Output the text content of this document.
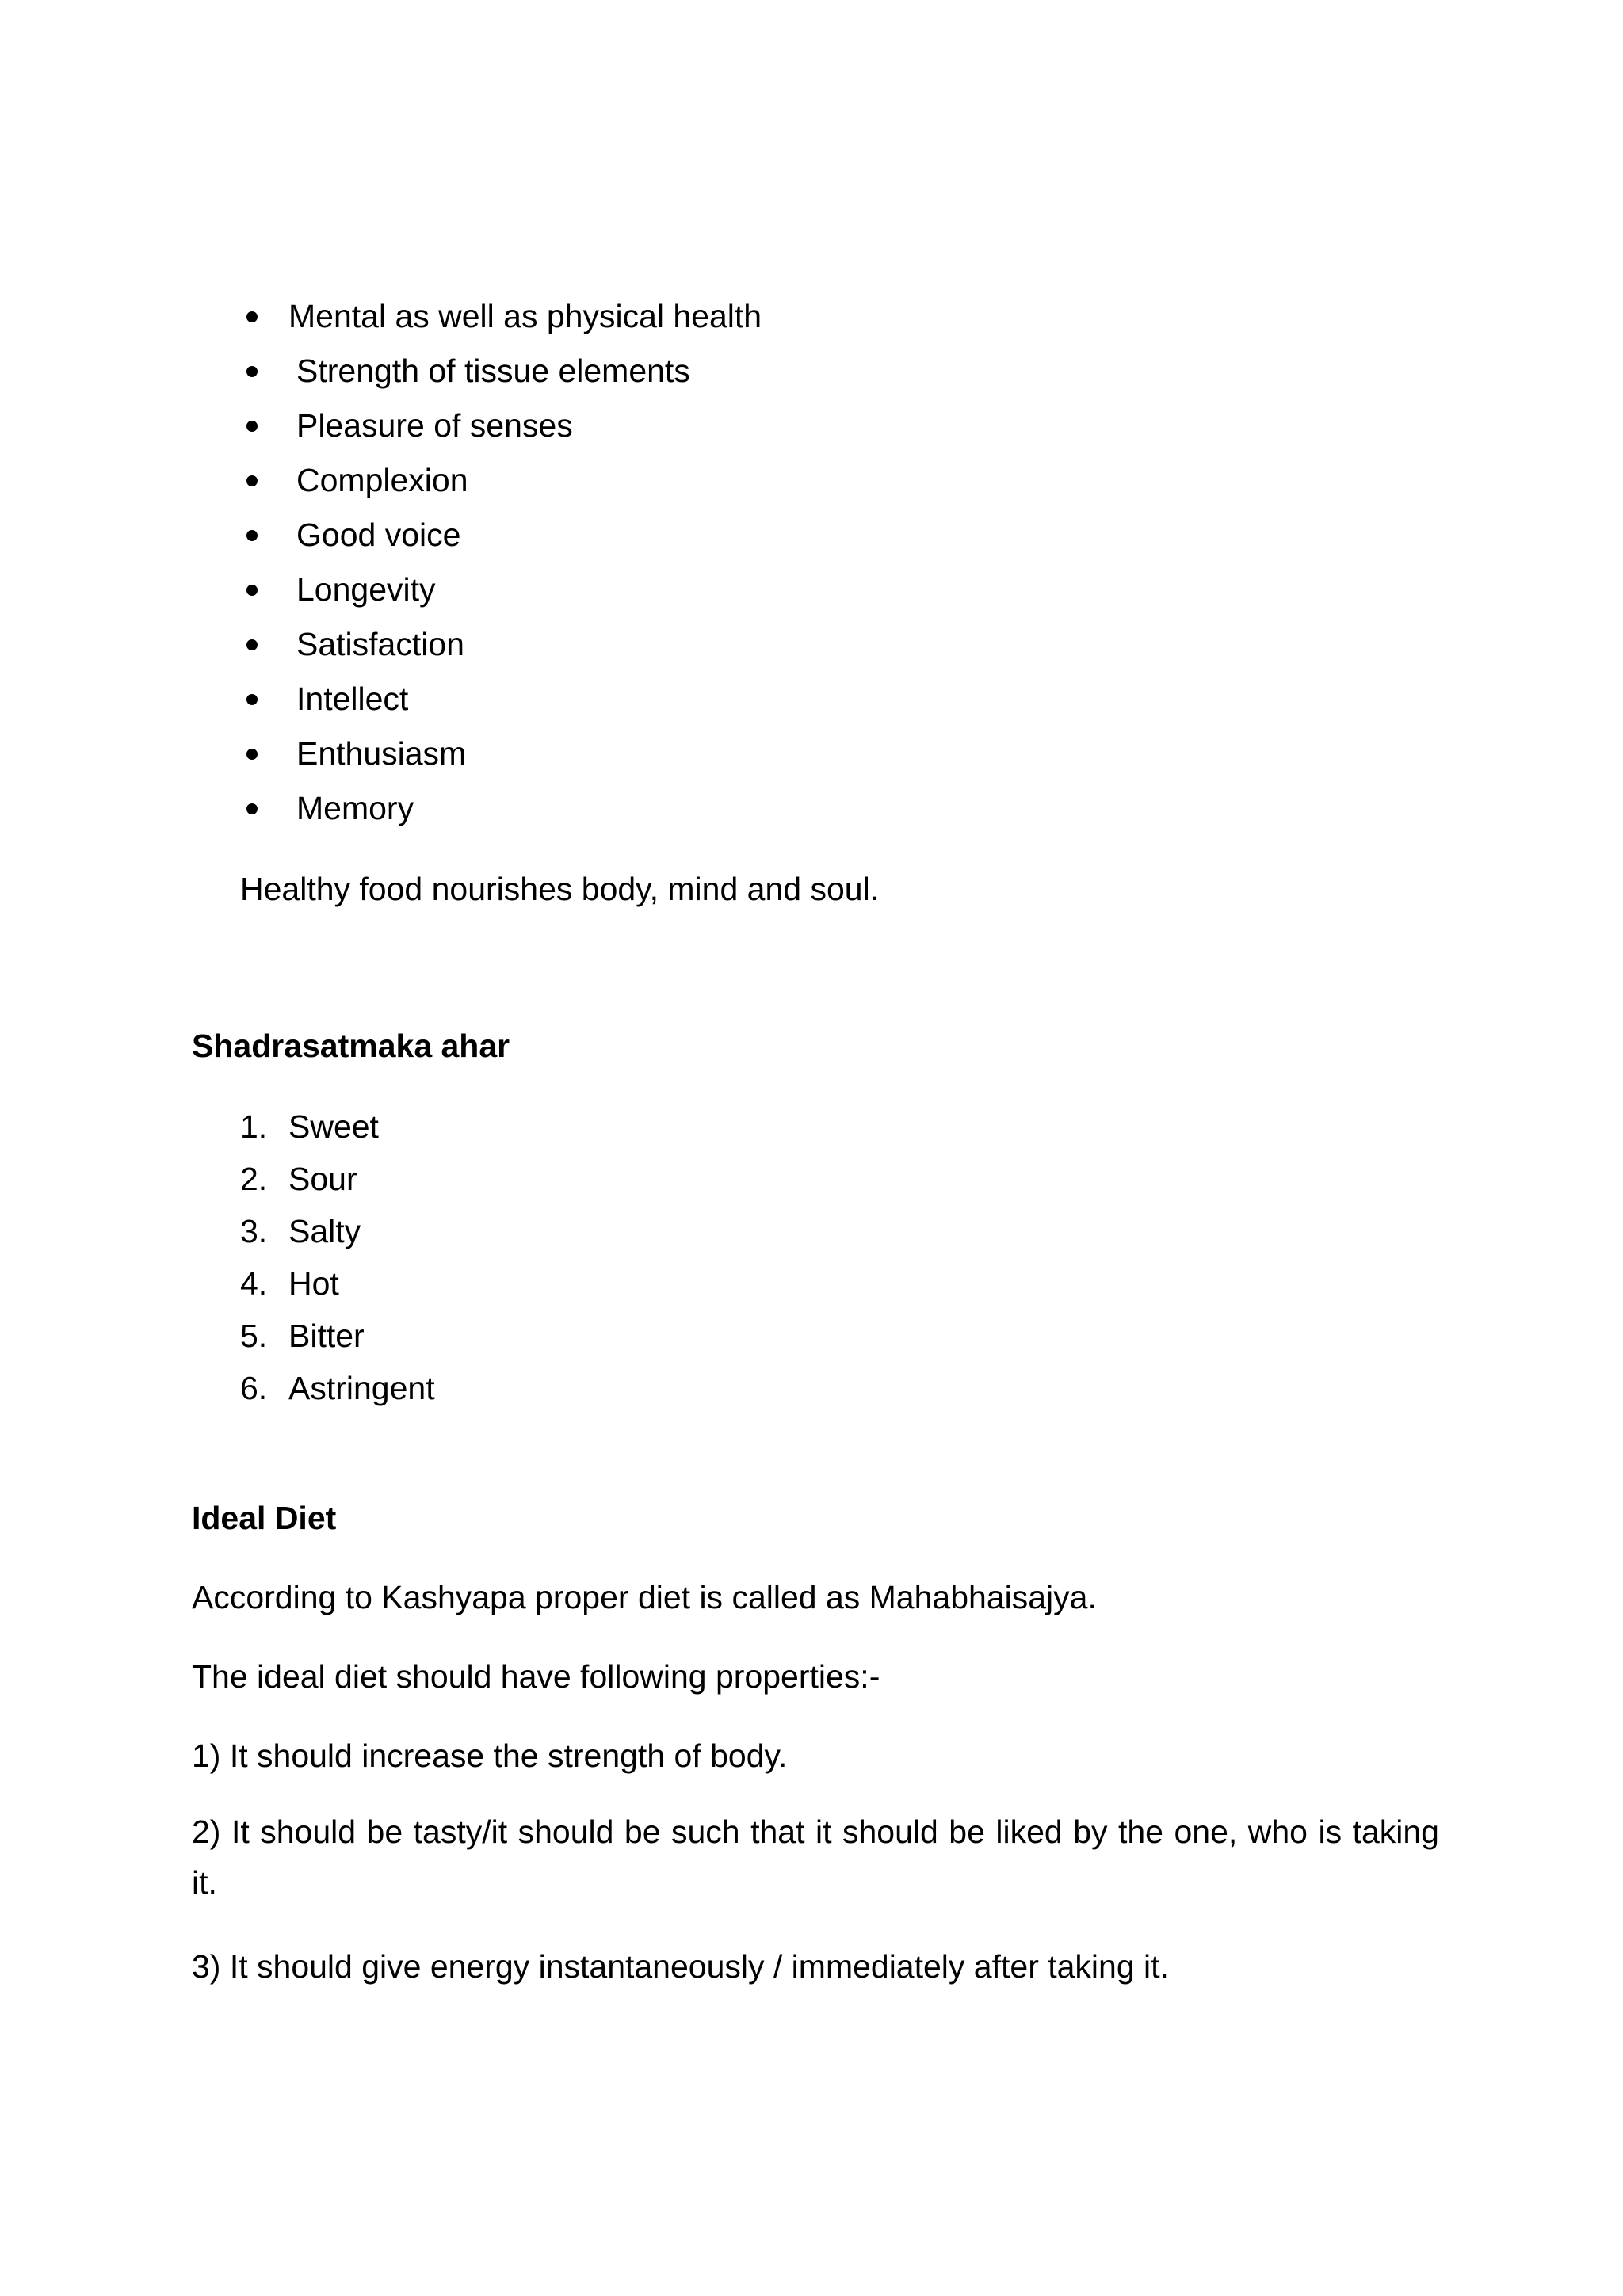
Mental as well as physical health
Strength of tissue elements
Pleasure of senses
Complexion
Good voice
Longevity
Satisfaction
Intellect
Enthusiasm
Memory
Healthy food nourishes body, mind and soul.
Shadrasatmaka ahar
1. Sweet
2. Sour
3. Salty
4. Hot
5. Bitter
6. Astringent
Ideal Diet
According to Kashyapa proper diet is called as Mahabhaisajya.
The ideal diet should have following properties:-
1) It should increase the strength of body.
2) It should be tasty/it should be such that it should be liked by the one, who is taking it.
3) It should give energy instantaneously / immediately after taking it.
